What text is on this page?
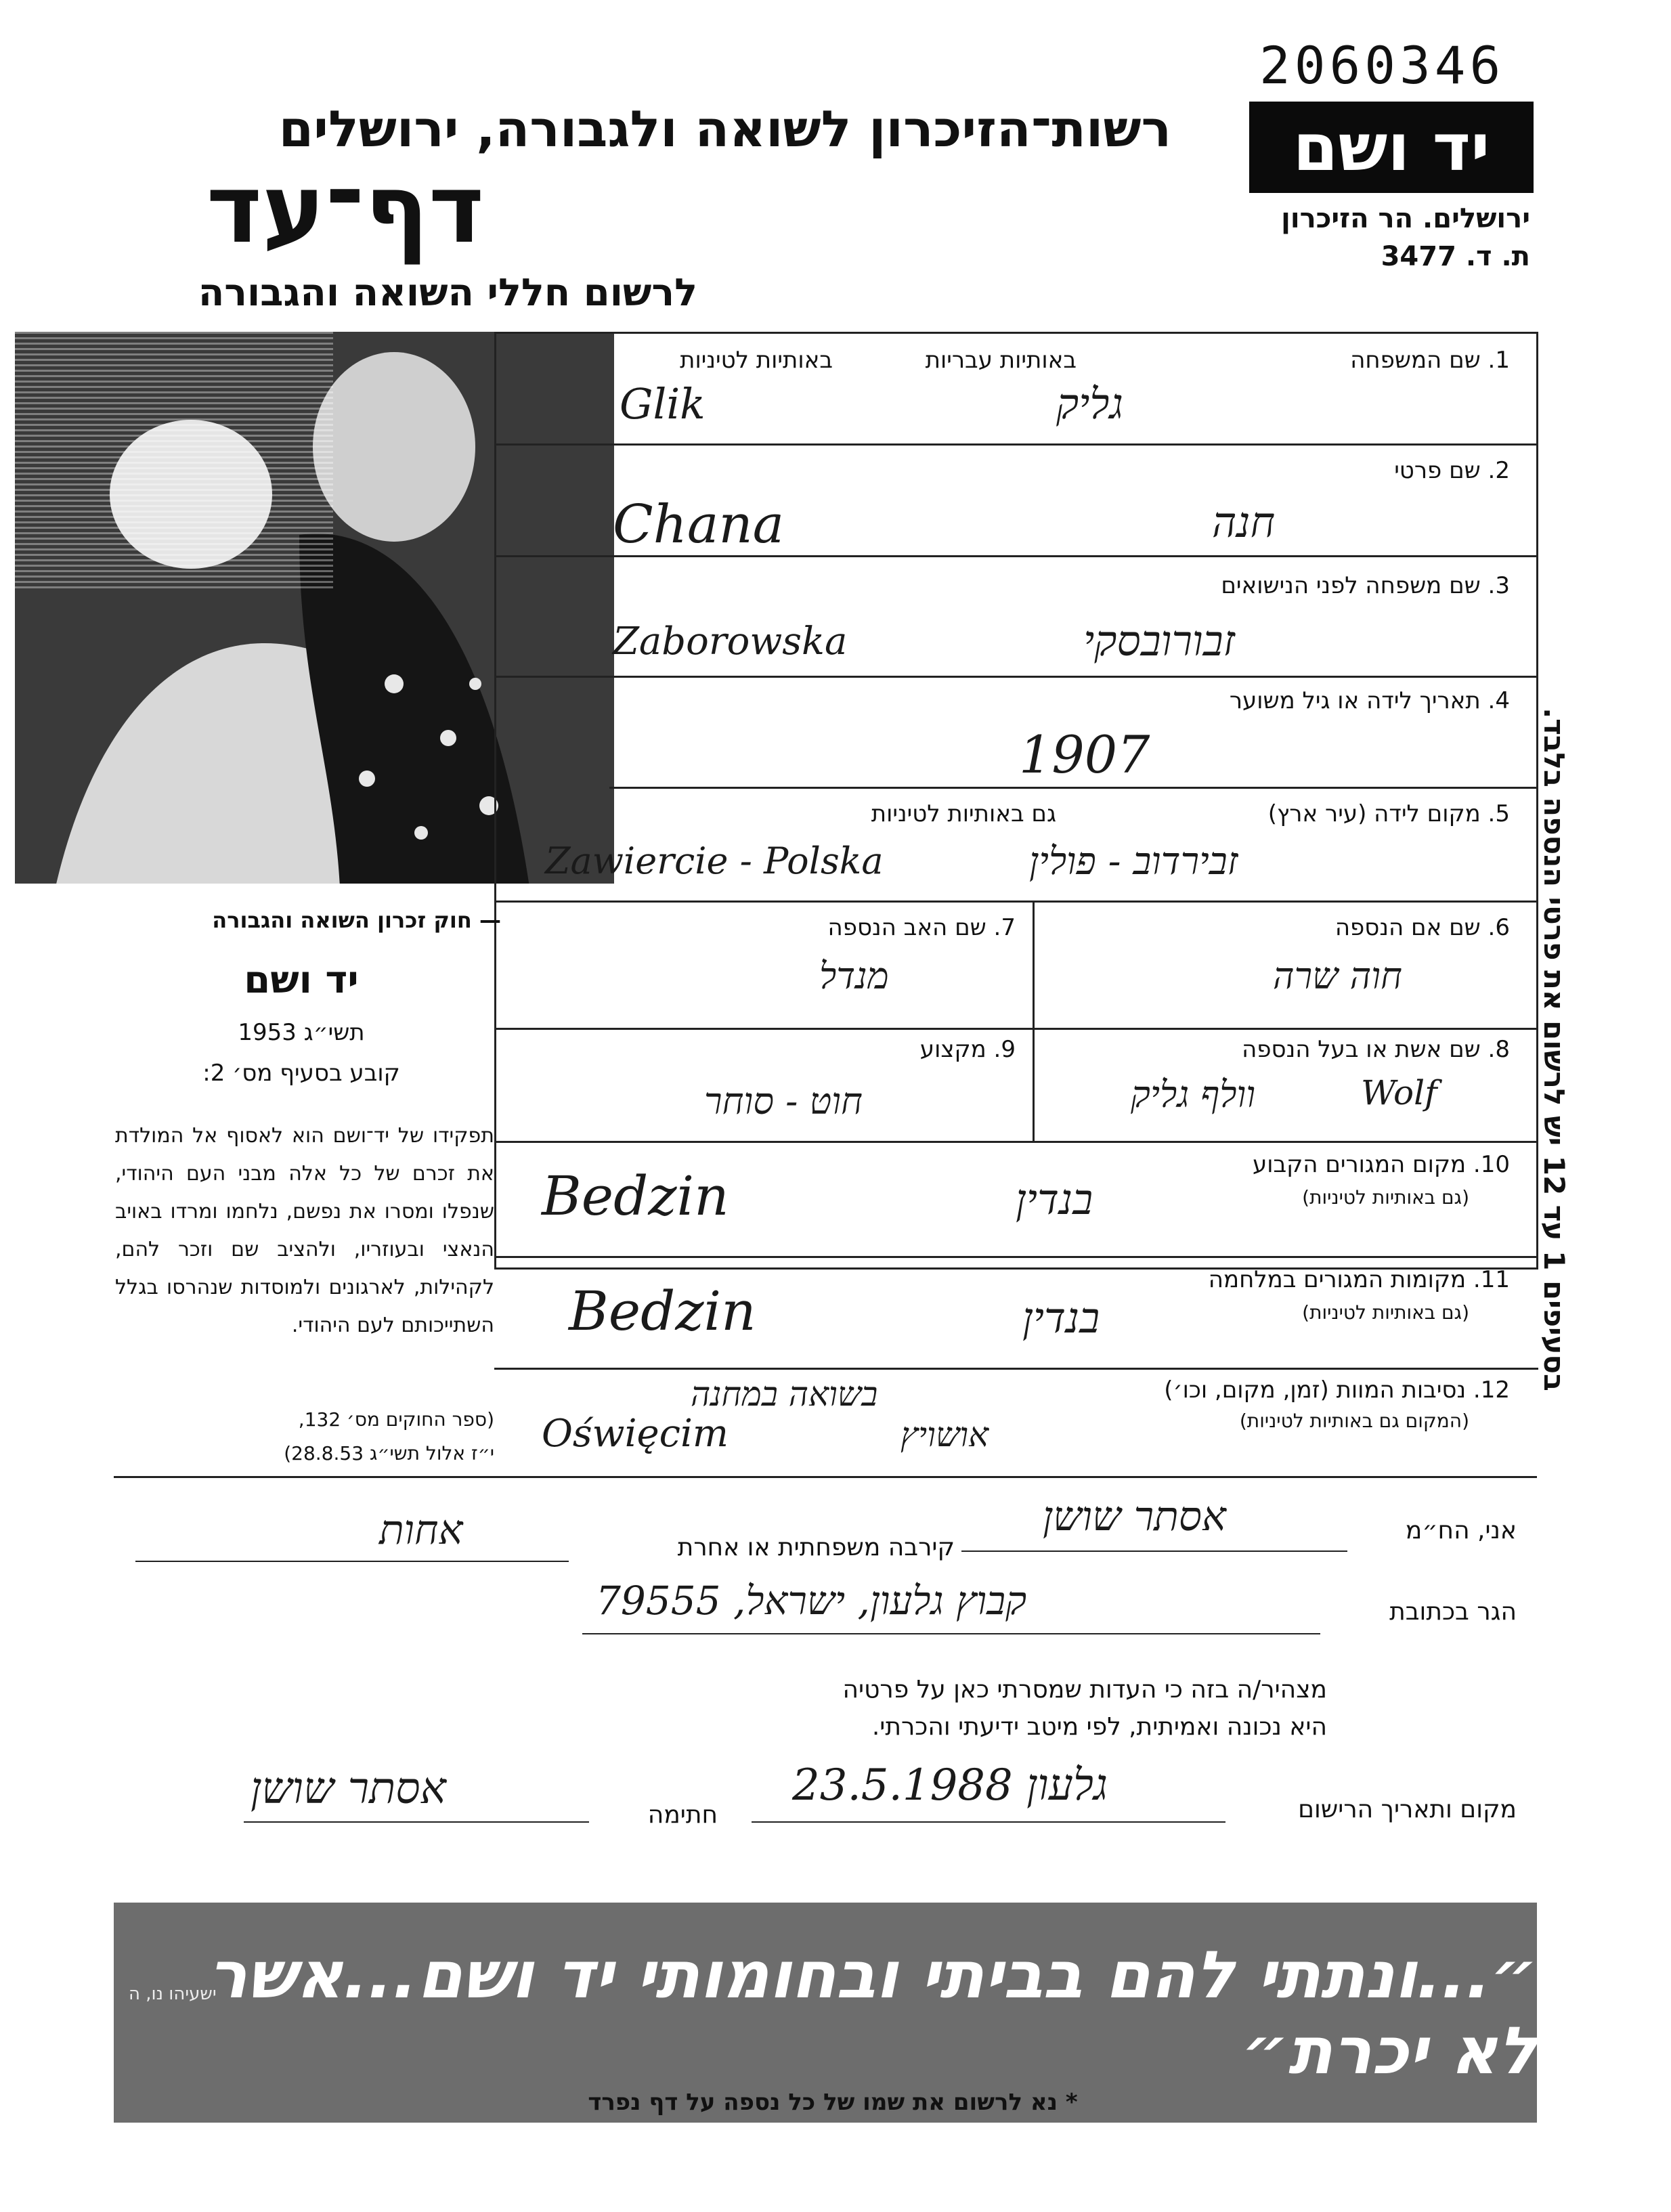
2060346
יד ושם
ירושלים. הר הזיכרון
ת. ד. 3477
רשות־הזיכרון לשואה ולגבורה, ירושלים
דף־עד
לרשום חללי השואה והגבורה
באותיות עבריות
באותיות לטיניות	1. שם המשפחה
גליק
Glik
2. שם פרטי
חנה
Chana
3. שם משפחה לפני הנישואים
זבורובסקי
Zaborowska
4. תאריך לידה או גיל משוער
1907
5. מקום לידה (עיר ארץ)
גם באותיות לטיניות
זבירדוב - פולין
Zawiercie - Polska
6. שם אם הנספה
חוה שרה
7. שם האב הנספה
מנדל
8. שם אשת או בעל הנספה
וולף גליק	Wolf
9. מקצוע
חוט - סוחר
10. מקום המגורים הקבוע
(גם באותיות לטיניות)
בנדין
Bedzin
11. מקומות המגורים במלחמה
(גם באותיות לטיניות)
בנדין
Bedzin
12. נסיבות המוות (זמן, מקום, וכו׳)
(המקום גם באותיות לטיניות)
בשואה במחנה
אושויץ
Oświęcim
— חוק זכרון השואה והגבורה
יד ושם
תשי״ג 1953
קובע בסעיף מס׳ 2:
תפקידו של יד־ושם הוא לאסוף אל המולדת את זכרם של כל אלה מבני העם היהודי, שנפלו ומסרו את נפשם, נלחמו ומרדו באויב הנאצי ובעוזריו, ולהציב שם וזכר להם, לקהילות, לארגונים ולמוסדות שנהרסו בגלל השתייכותם לעם היהודי.
(ספר החוקים מס׳ 132,
י״ז אלול תשי״ג 28.8.53)
אני, הח״מ
אסתר שושן
קירבה משפחתית או אחרת
אחות
הגר בכתובת
קבוץ גלעון, ישראל, 79555
מצהיר/ה בזה כי העדות שמסרתי כאן על פרטיה
היא נכונה ואמיתית, לפי מיטב ידיעתי והכרתי.
מקום ותאריך הרישום
גלעון 23.5.1988
חתימה
אסתר שושן
״...ונתתי להם בביתי ובחומותי יד ושם...אשר לא יכרת״
ישעיהו נו, ה
* נא לרשום את שמו של כל נספה על דף נפרד
בסעיפים 1 עד 12 יש לרשום את פרטי הנספה בלבד.
